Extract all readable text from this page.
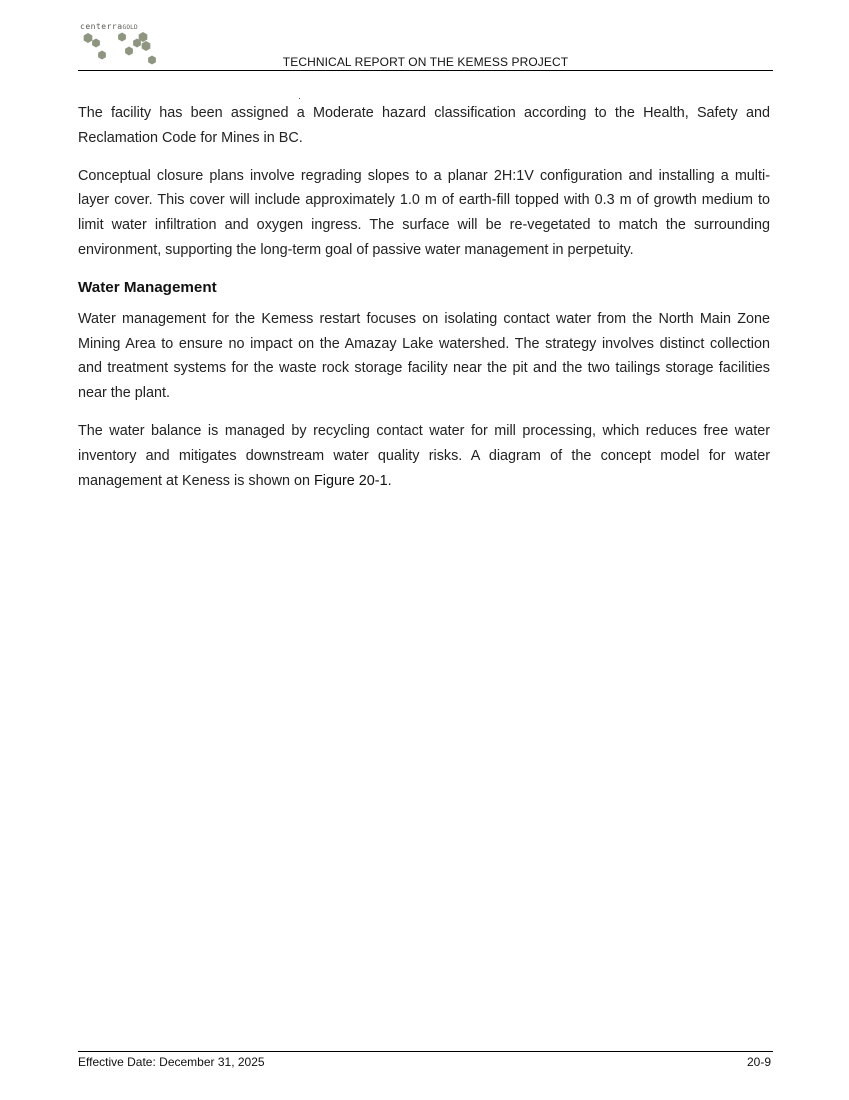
centerraGOLD
TECHNICAL REPORT ON THE KEMESS PROJECT

The facility has been assigned a Moderate hazard classification according to the Health, Safety and Reclamation Code for Mines in BC.

Conceptual closure plans involve regrading slopes to a planar 2H:1V configuration and installing a multi-layer cover. This cover will include approximately 1.0 m of earth-fill topped with 0.3 m of growth medium to limit water infiltration and oxygen ingress. The surface will be re-vegetated to match the surrounding environment, supporting the long-term goal of passive water management in perpetuity.

Water Management

Water management for the Kemess restart focuses on isolating contact water from the North Main Zone Mining Area to ensure no impact on the Amazay Lake watershed. The strategy involves distinct collection and treatment systems for the waste rock storage facility near the pit and the two tailings storage facilities near the plant.

The water balance is managed by recycling contact water for mill processing, which reduces free water inventory and mitigates downstream water quality risks. A diagram of the concept model for water management at Keness is shown on Figure 20-1.

Effective Date: December 31, 2025	20-9
